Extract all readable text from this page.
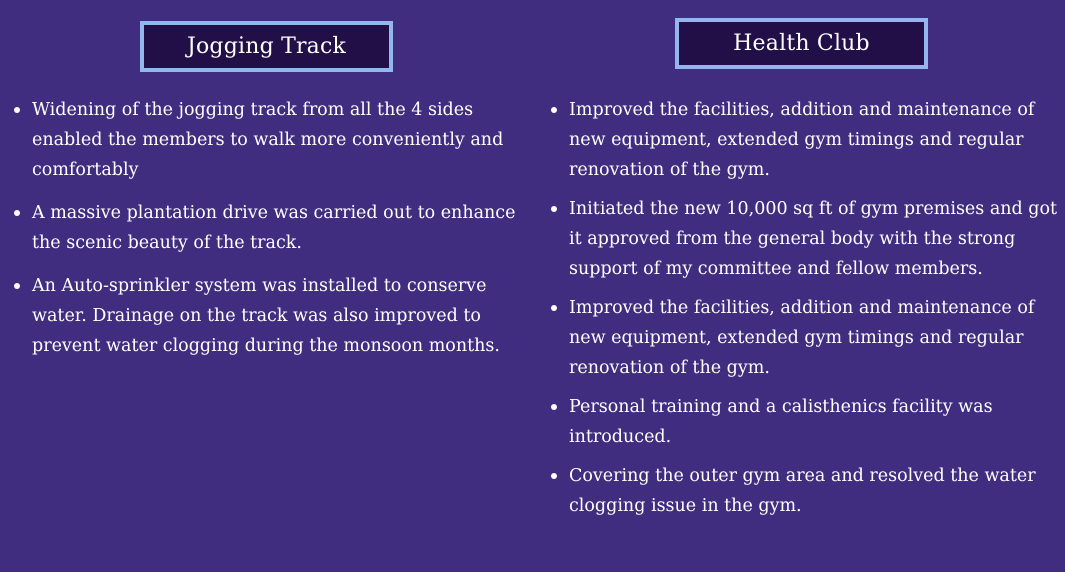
Jogging Track	Health Club
Widening of the jogging track from all the 4 sides
enabled the members to walk more conveniently and
comfortably
A massive plantation drive was carried out to enhance
the scenic beauty of the track.
An Auto-sprinkler system was installed to conserve
water. Drainage on the track was also improved to
prevent water clogging during the monsoon months.
Improved the facilities, addition and maintenance of
new equipment, extended gym timings and regular
renovation of the gym.
Initiated the new 10,000 sq ft of gym premises and got
it approved from the general body with the strong
support of my committee and fellow members.
Improved the facilities, addition and maintenance of
new equipment, extended gym timings and regular
renovation of the gym.
Personal training and a calisthenics facility was
introduced.
Covering the outer gym area and resolved the water
clogging issue in the gym.
